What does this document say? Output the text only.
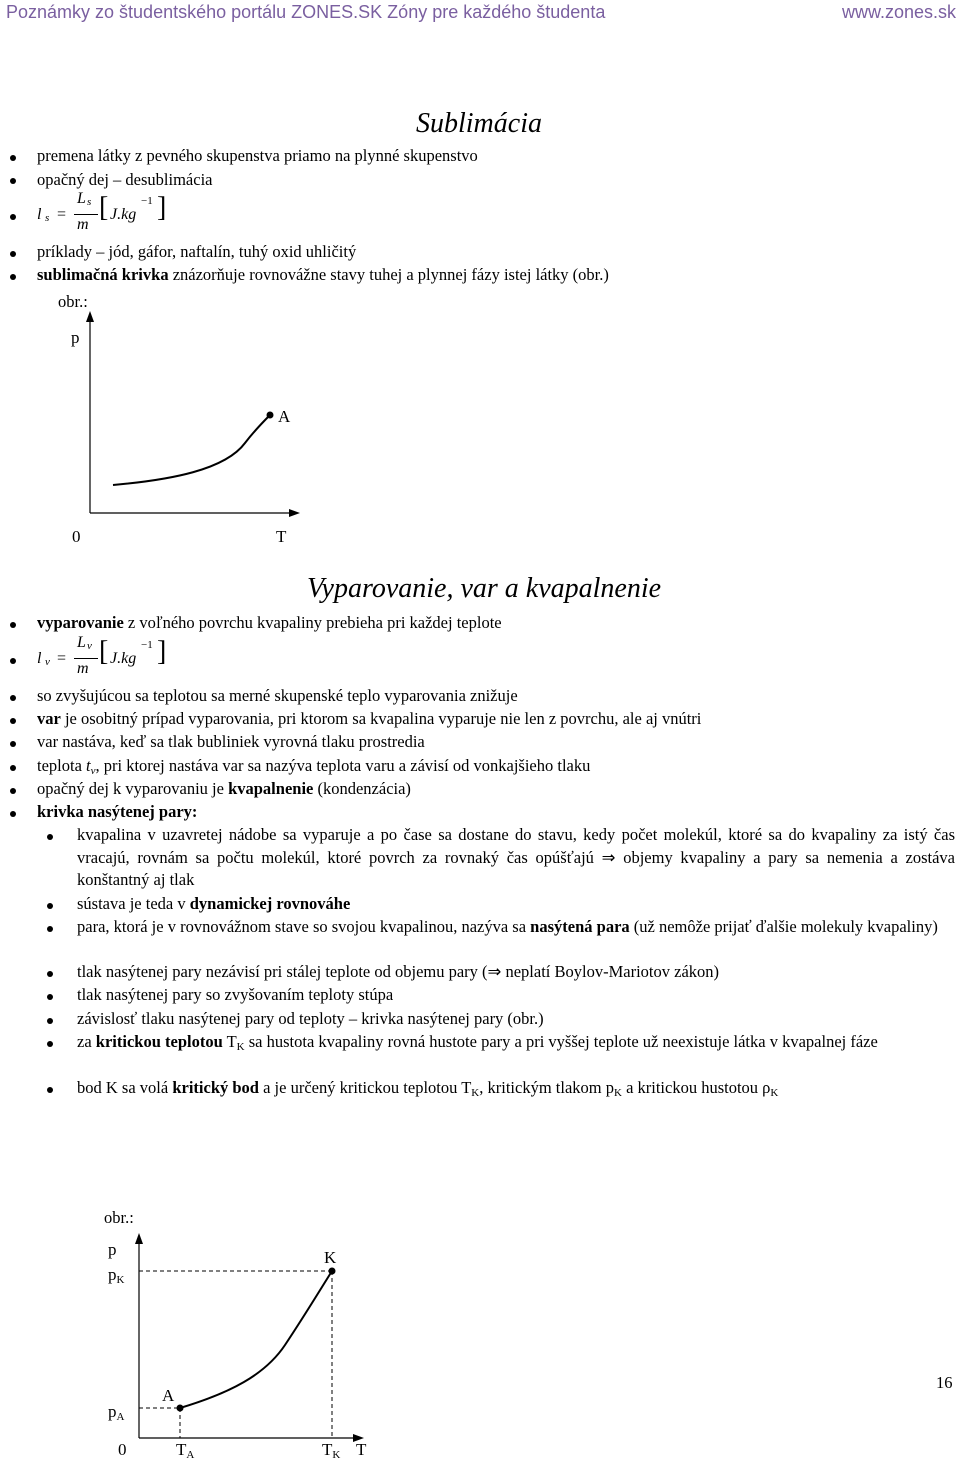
Poznámky zo študentského portálu ZONES.SK Zóny pre každého študenta	www.zones.sk
Sublimácia
premena látky z pevného skupenstva priamo na plynné skupenstvo
opačný dej – desublimácia
l s =
L s
m
[ J.kg
−1 ]
príklady – jód, gáfor, naftalín, tuhý oxid uhličitý
sublimačná krivka znázorňuje rovnovážne stavy tuhej a plynnej fázy istej látky (obr.)
obr.:
p
A
0	T
Vyparovanie, var a kvapalnenie
vyparovanie z voľného povrchu kvapaliny prebieha pri každej teplote
l v =
L v
m
[ J.kg
−1 ]
so zvyšujúcou sa teplotou sa merné skupenské teplo vyparovania znižuje
var je osobitný prípad vyparovania, pri ktorom sa kvapalina vyparuje nie len z povrchu, ale aj vnútri
var nastáva, keď sa tlak bubliniek vyrovná tlaku prostredia
teplota $t_v$, pri ktorej nastáva var sa nazýva teplota varu a závisí od vonkajšieho tlaku
opačný dej k vyparovaniu je kvapalnenie (kondenzácia)
krivka nasýtenej pary:
kvapalina v uzavretej nádobe sa vyparuje a po čase sa dostane do stavu, kedy počet molekúl, ktoré sa do kvapaliny za istý čas vracajú, rovnám sa počtu molekúl, ktoré povrch za rovnaký čas opúšťajú ⇒ objemy kvapaliny a pary sa nemenia a zostáva konštantný aj tlak
sústava je teda v dynamickej rovnováhe
para, ktorá je v rovnovážnom stave so svojou kvapalinou, nazýva sa nasýtená para (už nemôže prijať ďalšie molekuly kvapaliny)
tlak nasýtenej pary nezávisí pri stálej teplote od objemu pary (⇒ neplatí Boylov-Mariotov zákon)
tlak nasýtenej pary so zvyšovaním teploty stúpa
závislosť tlaku nasýtenej pary od teploty – krivka nasýtenej pary (obr.)
za kritickou teplotou $T_K$ sa hustota kvapaliny rovná hustote pary a pri vyššej teplote už neexistuje látka v kvapalnej fáze
bod K sa volá kritický bod a je určený kritickou teplotou $T_K$, kritickým tlakom $p_K$ a kritickou hustotou $\rho_K$
obr.:
p
pK
pA
K
A
0	TA	TK T
16
